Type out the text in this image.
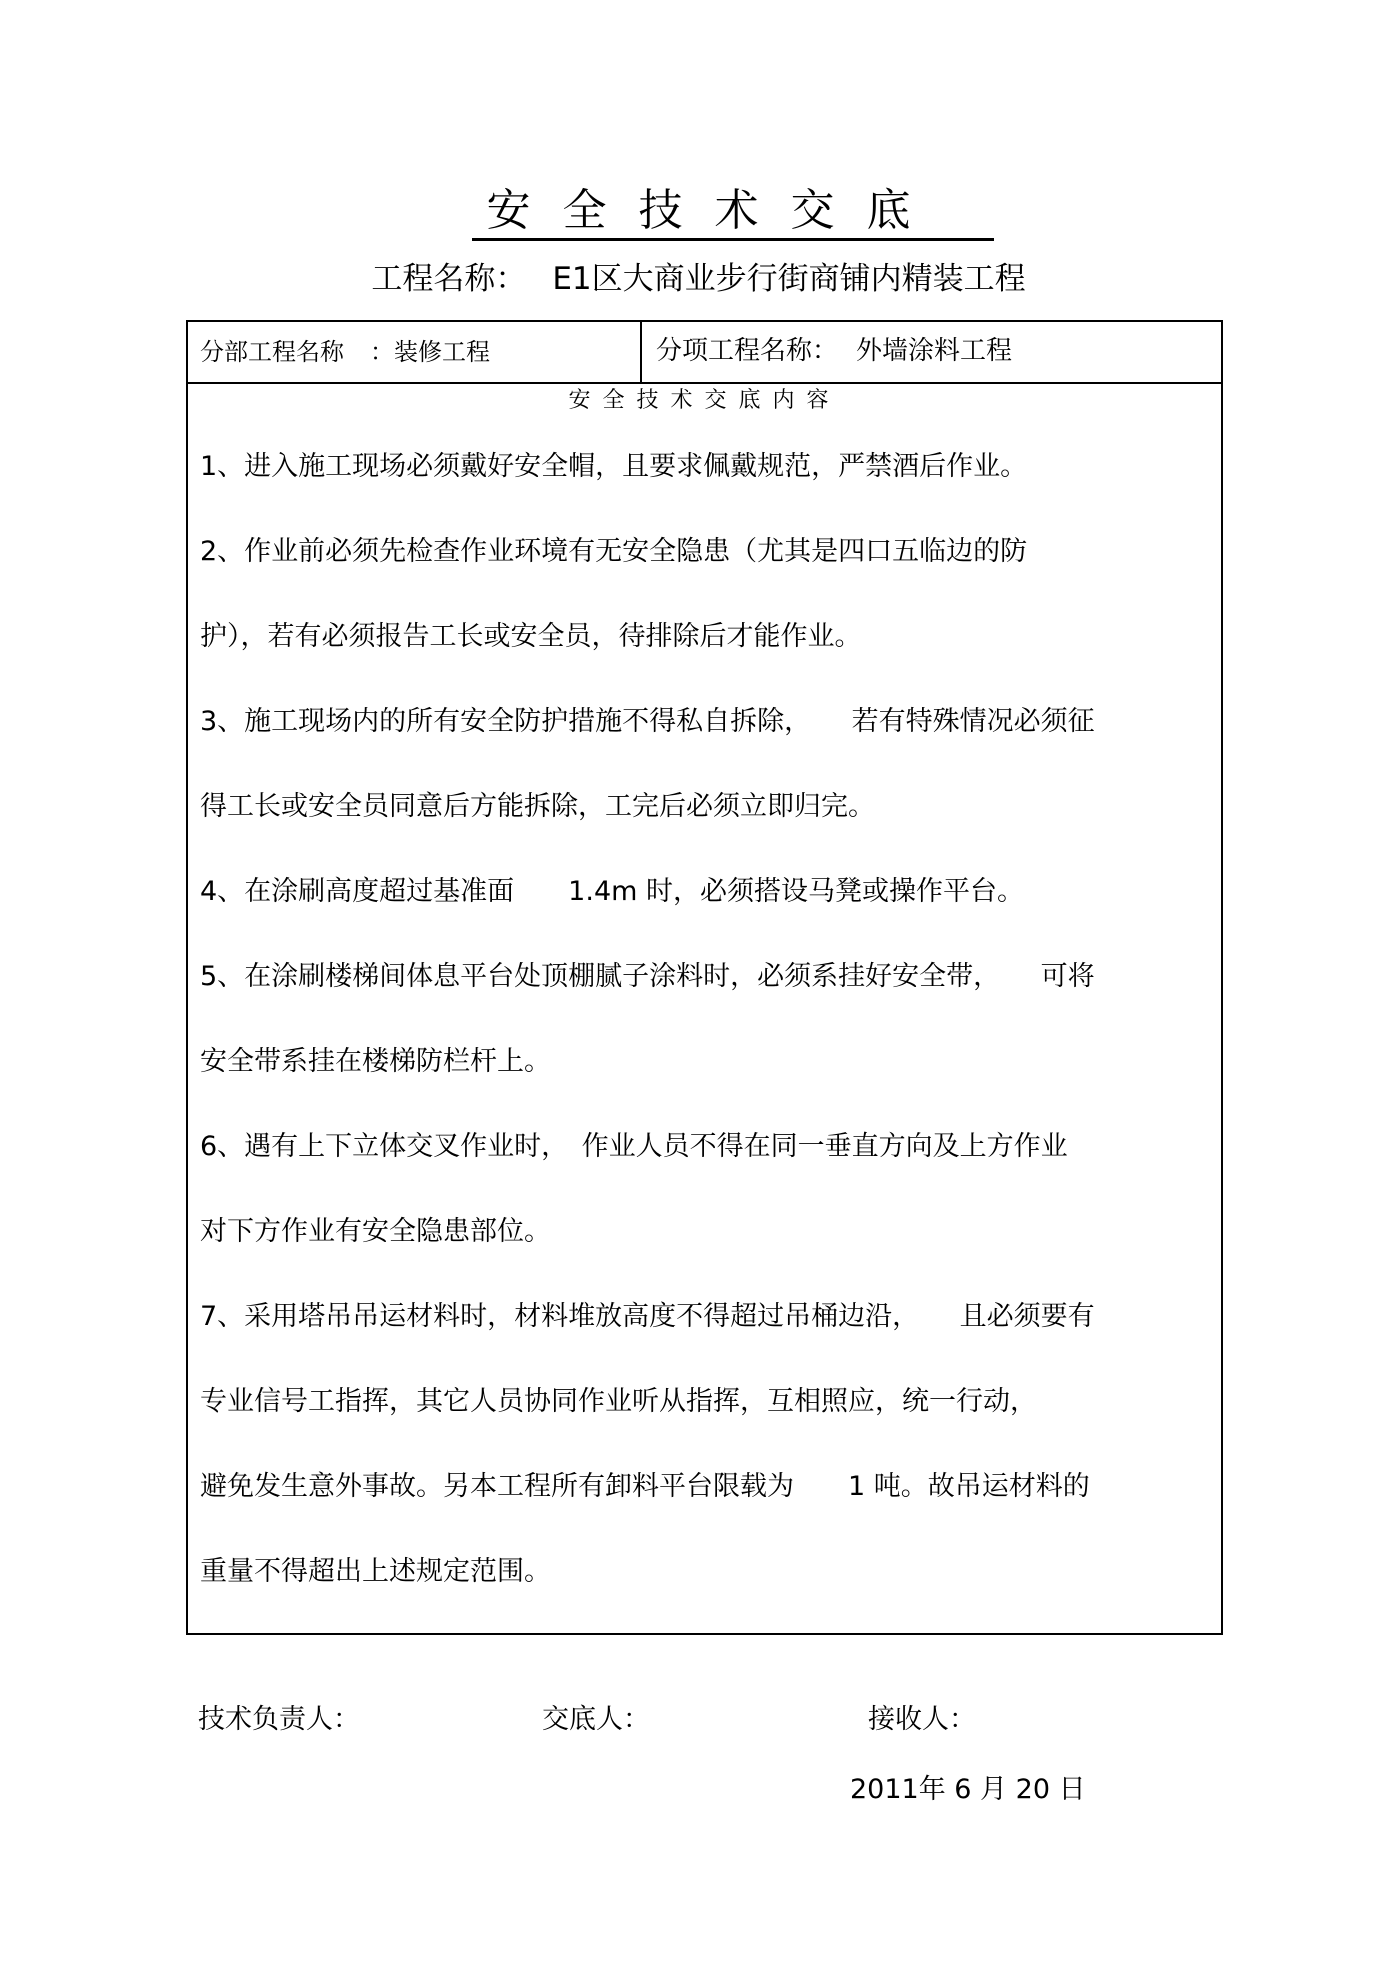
安全技术交底
工程名称： E1区大商业步行街商铺内精装工程
分部工程名称 ：装修工程	分项工程名称： 外墙涂料工程
安全技术交底内容
1、进入施工现场必须戴好安全帽，且要求佩戴规范，严禁酒后作业。
2、作业前必须先检查作业环境有无安全隐患（尤其是四口五临边的防
护），若有必须报告工长或安全员，待排除后才能作业。
3、施工现场内的所有安全防护措施不得私自拆除，　　若有特殊情况必须征
得工长或安全员同意后方能拆除，工完后必须立即归完。
4、在涂刷高度超过基准面　　1.4m 时，必须搭设马凳或操作平台。
5、在涂刷楼梯间体息平台处顶棚腻子涂料时，必须系挂好安全带，　　可将
安全带系挂在楼梯防栏杆上。
6、遇有上下立体交叉作业时，　作业人员不得在同一垂直方向及上方作业
对下方作业有安全隐患部位。
7、采用塔吊吊运材料时，材料堆放高度不得超过吊桶边沿，　　且必须要有
专业信号工指挥，其它人员协同作业听从指挥，互相照应，统一行动，
避免发生意外事故。另本工程所有卸料平台限载为　　1 吨。故吊运材料的
重量不得超出上述规定范围。
技术负责人：	交底人：	接收人：
2011年 6 月 20 日
